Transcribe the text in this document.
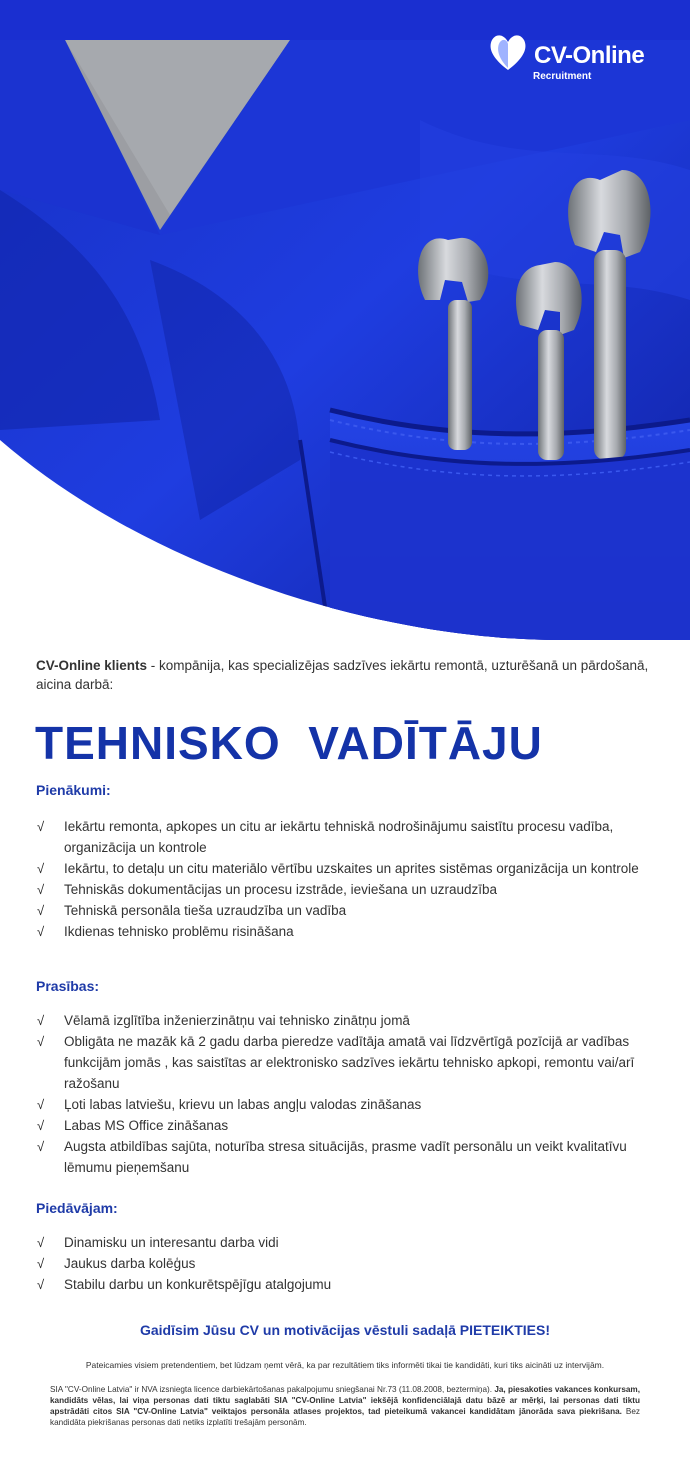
CV-Online
Recruitment

CV-Online klients - kompānija, kas specializējas sadzīves iekārtu remontā, uzturēšanā un pārdošanā, aicina darbā:

TEHNISKO  VADĪTĀJU
Pienākumi:
√ Iekārtu remonta, apkopes un citu ar iekārtu tehniskā nodrošinājumu saistītu procesu vadība, organizācija un kontrole
√ Iekārtu, to detaļu un citu materiālo vērtību uzskaites un aprites sistēmas organizācija un kontrole
√ Tehniskās dokumentācijas un procesu izstrāde, ieviešana un uzraudzība
√ Tehniskā personāla tieša uzraudzība un vadība
√ Ikdienas tehnisko problēmu risināšana
Prasības:
√ Vēlamā izglītība inženierzinātņu vai tehnisko zinātņu jomā
√ Obligāta ne mazāk kā 2 gadu darba pieredze vadītāja amatā vai līdzvērtīgā pozīcijā ar vadības funkcijām jomās , kas saistītas ar elektronisko sadzīves iekārtu tehnisko apkopi, remontu vai/arī ražošanu
√ Ļoti labas latviešu, krievu un labas angļu valodas zināšanas
√ Labas MS Office zināšanas
√ Augsta atbildības sajūta, noturība stresa situācijās, prasme vadīt personālu un veikt kvalitatīvu lēmumu pieņemšanu
Piedāvājam:
√ Dinamisku un interesantu darba vidi
√ Jaukus darba kolēģus
√ Stabilu darbu un konkurētspējīgu atalgojumu
Gaidīsim Jūsu CV un motivācijas vēstuli sadaļā PIETEIKTIES!
Pateicamies visiem pretendentiem, bet lūdzam ņemt vērā, ka par rezultātiem tiks informēti tikai tie kandidāti, kuri tiks aicināti uz intervijām.
SIA "CV-Online Latvia" ir NVA izsniegta licence darbiekārtošanas pakalpojumu sniegšanai Nr.73 (11.08.2008, beztermiņa). Ja, piesakoties vakances konkursam, kandidāts vēlas, lai viņa personas dati tiktu saglabāti SIA "CV-Online Latvia" iekšējā konfidenciālajā datu bāzē ar mērķi, lai personas dati tiktu apstrādāti citos SIA "CV-Online Latvia" veiktajos personāla atlases projektos, tad pieteikumā vakancei kandidātam jānorāda sava piekrišana. Bez kandidāta piekrišanas personas dati netiks izplatīti trešajām personām.
